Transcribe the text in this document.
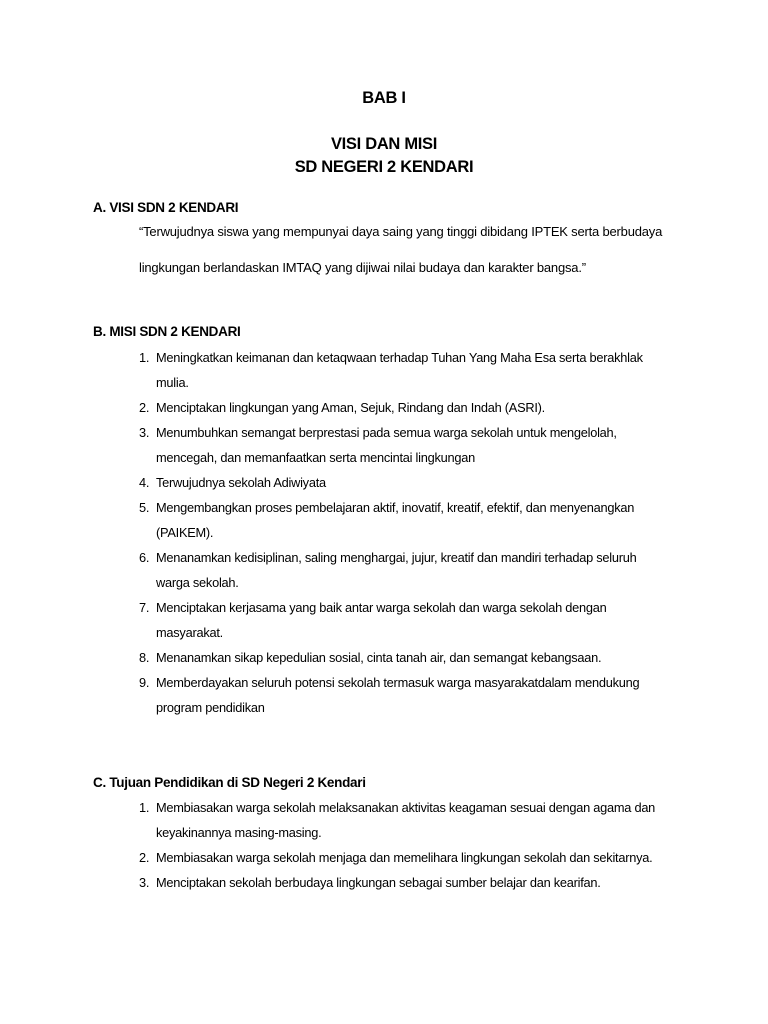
BAB I
VISI DAN MISI
SD NEGERI 2 KENDARI
A. VISI SDN 2 KENDARI

“Terwujudnya siswa yang mempunyai daya saing yang tinggi dibidang IPTEK serta berbudaya

lingkungan berlandaskan IMTAQ yang dijiwai nilai budaya dan karakter bangsa.”

B. MISI SDN 2 KENDARI
1. Meningkatkan keimanan dan ketaqwaan terhadap Tuhan Yang Maha Esa serta berakhlak
mulia.
2. Menciptakan lingkungan yang Aman, Sejuk, Rindang dan Indah (ASRI).
3. Menumbuhkan semangat berprestasi pada semua warga sekolah untuk mengelolah,
mencegah, dan memanfaatkan serta mencintai lingkungan
4. Terwujudnya sekolah Adiwiyata
5. Mengembangkan proses pembelajaran aktif, inovatif, kreatif, efektif, dan menyenangkan
(PAIKEM).
6. Menanamkan kedisiplinan, saling menghargai, jujur, kreatif dan mandiri terhadap seluruh
warga sekolah.
7. Menciptakan kerjasama yang baik antar warga sekolah dan warga sekolah dengan
masyarakat.
8. Menanamkan sikap kepedulian sosial, cinta tanah air, dan semangat kebangsaan.
9. Memberdayakan seluruh potensi sekolah termasuk warga masyarakatdalam mendukung
program pendidikan
C. Tujuan Pendidikan di SD Negeri 2 Kendari
1. Membiasakan warga sekolah melaksanakan aktivitas keagaman sesuai dengan agama dan
keyakinannya masing-masing.
2. Membiasakan warga sekolah menjaga dan memelihara lingkungan sekolah dan sekitarnya.
3. Menciptakan sekolah berbudaya lingkungan sebagai sumber belajar dan kearifan.
